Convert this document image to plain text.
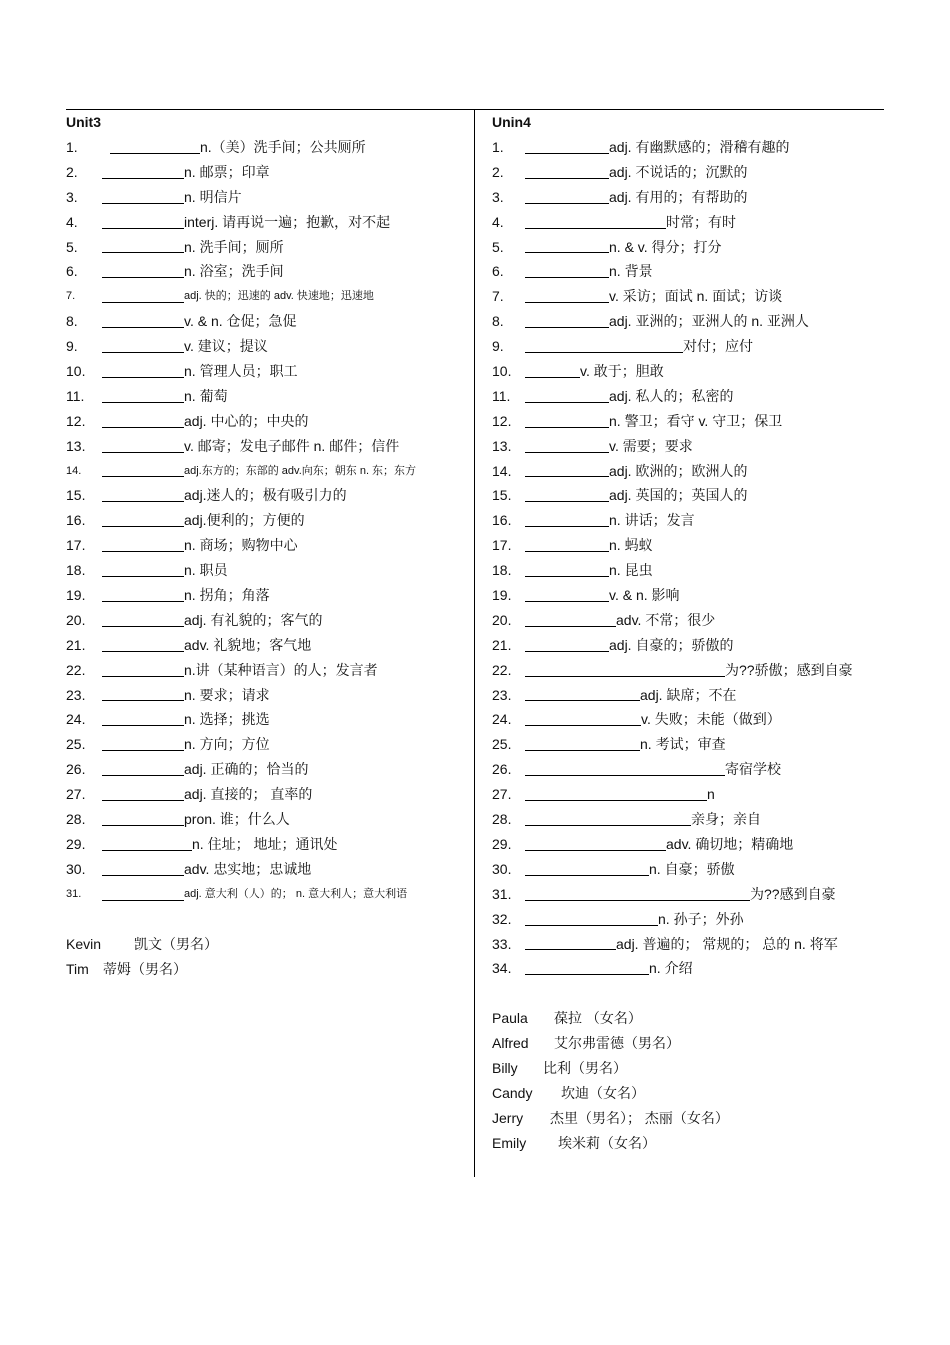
Unit3
1.	n.（美）洗手间；公共厕所
2.	n. 邮票；印章
3.	n. 明信片
4.	interj. 请再说一遍；抱歉，对不起
5.	n. 洗手间；厕所
6.	n. 浴室；洗手间
7.	adj. 快的；迅速的 adv. 快速地；迅速地
8.	v. & n. 仓促；急促
9.	v. 建议；提议
10.	n. 管理人员；职工
11.	n. 葡萄
12.	adj. 中心的；中央的
13.	v. 邮寄；发电子邮件 n. 邮件；信件
14.	adj.东方的；东部的 adv.向东；朝东 n. 东；东方
15.	adj.迷人的；极有吸引力的
16.	adj.便利的；方便的
17.	n. 商场；购物中心
18.	n. 职员
19.	n. 拐角；角落
20.	adj. 有礼貌的；客气的
21.	adv. 礼貌地；客气地
22.	n.讲（某种语言）的人；发言者
23.	n. 要求；请求
24.	n. 选择；挑选
25.	n. 方向；方位
26.	adj. 正确的；恰当的
27.	adj. 直接的； 直率的
28.	pron. 谁；什么人
29.	n. 住址； 地址；通讯处
30.	adv. 忠实地；忠诚地
31.	adj. 意大利（人）的； n. 意大利人；意大利语
Kevin 凯文（男名）
Tim 蒂姆（男名）
Unin4
1.	adj. 有幽默感的；滑稽有趣的
2.	adj. 不说话的；沉默的
3.	adj. 有用的；有帮助的
4.	时常；有时
5.	n. & v. 得分；打分
6.	n. 背景
7.	v. 采访；面试 n. 面试；访谈
8.	adj. 亚洲的；亚洲人的 n. 亚洲人
9.	对付；应付
10.	v. 敢于；胆敢
11.	adj. 私人的；私密的
12.	n. 警卫；看守 v. 守卫；保卫
13.	v. 需要；要求
14.	adj. 欧洲的；欧洲人的
15.	adj. 英国的；英国人的
16.	n. 讲话；发言
17.	n. 蚂蚁
18.	n. 昆虫
19.	v. & n. 影响
20.	adv. 不常；很少
21.	adj. 自豪的；骄傲的
22.	为??骄傲；感到自豪
23.	adj. 缺席；不在
24.	v. 失败；未能（做到）
25.	n. 考试；审查
26.	寄宿学校
27.	n
28.	亲身；亲自
29.	adv. 确切地；精确地
30.	n. 自豪；骄傲
31.	为??感到自豪
32.	n. 孙子；外孙
33.	adj. 普遍的； 常规的； 总的 n. 将军
34.	n. 介绍
Paula 葆拉 （女名）
Alfred 艾尔弗雷德（男名）
Billy 比利（男名）
Candy 坎迪（女名）
Jerry 杰里（男名）； 杰丽（女名）
Emily 埃米莉（女名）
